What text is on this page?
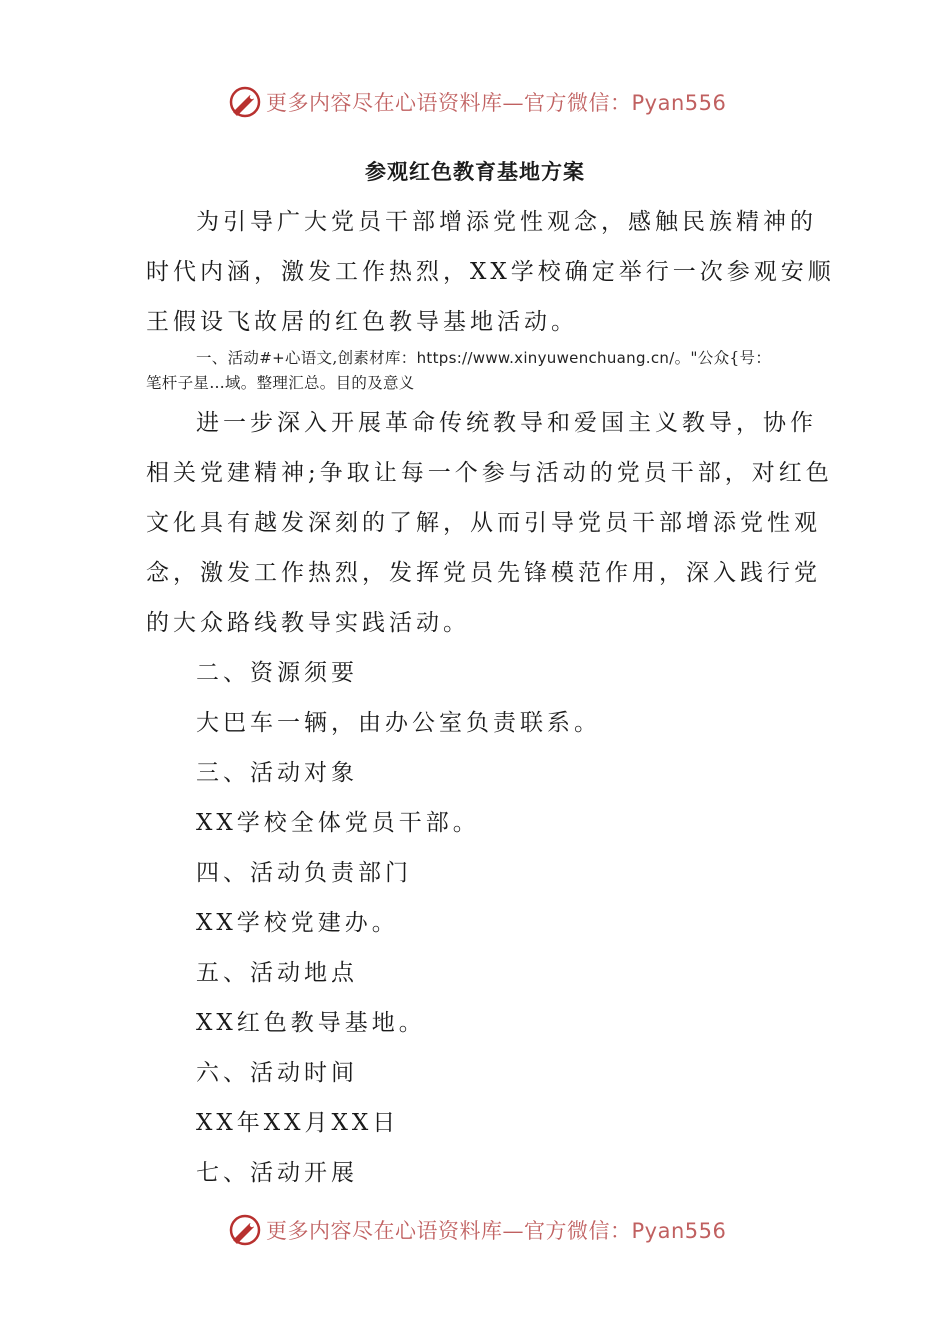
更多内容尽在心语资料库—官方微信：Pyan556
参观红色教育基地方案
为引导广大党员干部增添党性观念，感触民族精神的
时代内涵，激发工作热烈，XX学校确定举行一次参观安顺
王假设飞故居的红色教导基地活动。
一、活动#+心语文,创素材库：https://www.xinyuwenchuang.cn/。"公众{号：
笔杆子星…域。整理汇总。目的及意义
进一步深入开展革命传统教导和爱国主义教导，协作
相关党建精神;争取让每一个参与活动的党员干部，对红色
文化具有越发深刻的了解，从而引导党员干部增添党性观
念，激发工作热烈，发挥党员先锋模范作用，深入践行党
的大众路线教导实践活动。
二、资源须要
大巴车一辆，由办公室负责联系。
三、活动对象
XX学校全体党员干部。
四、活动负责部门
XX学校党建办。
五、活动地点
XX红色教导基地。
六、活动时间
XX年XX月XX日
七、活动开展
更多内容尽在心语资料库—官方微信：Pyan556
